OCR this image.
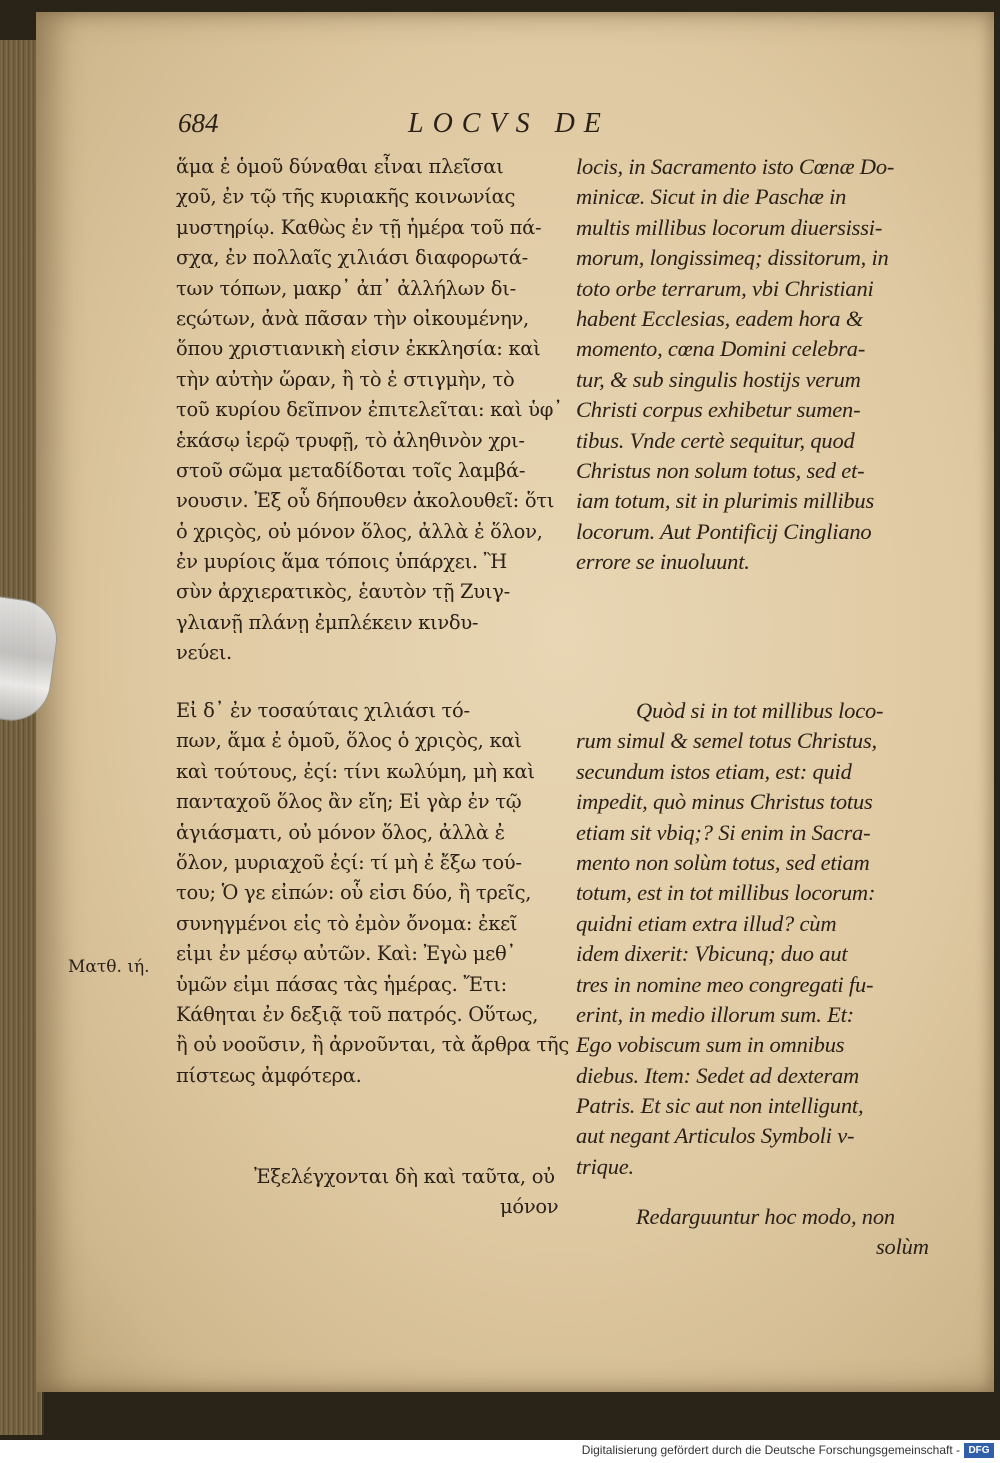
684	LOCVS DE
ἅμα ἐ ὁμοῦ δύναθαι εἶναι πλεῖσαι
χοῦ, ἐν τῷ τῆς κυριακῆς κοινωνίας
μυστηρίῳ. Καθὼς ἐν τῇ ἡμέρα τοῦ πά-
σχα, ἐν πολλαῖς χιλιάσι διαφορωτά-
των τόπων, μακρ᾿ ἀπ᾿ ἀλλήλων δι-
εςώτων, ἀνὰ πᾶσαν τὴν οἰκουμένην,
ὅπου χριστιανικὴ εἰσιν ἐκκλησία: καὶ
τὴν αὐτὴν ὥραν, ἢ τὸ ἐ στιγμὴν, τὸ
τοῦ κυρίου δεῖπνον ἐπιτελεῖται: καὶ ὑφ᾿
ἑκάσῳ ἱερῷ τρυφῇ, τὸ ἀληθινὸν χρι-
στοῦ σῶμα μεταδίδοται τοῖς λαμβά-
νουσιν. Ἐξ οὗ δήπουθεν ἀκολουθεῖ: ὅτι
ὁ χριςὸς, οὐ μόνον ὅλος, ἀλλὰ ἐ ὅλον,
ἐν μυρίοις ἅμα τόποις ὑπάρχει. Ἢ
σὺν ἀρχιερατικὸς, ἑαυτὸν τῇ Ζυιγ-
γλιανῇ πλάνῃ ἐμπλέκειν κινδυ-
νεύει.
Εἰ δ᾿ ἐν τοσαύταις χιλιάσι τό-
πων, ἅμα ἐ ὁμοῦ, ὅλος ὁ χριςὸς, καὶ
καὶ τούτους, ἐςί: τίνι κωλύμη, μὴ καὶ
πανταχοῦ ὅλος ἂν εἴη; Εἰ γὰρ ἐν τῷ
ἁγιάσματι, οὐ μόνον ὅλος, ἀλλὰ ἐ
ὅλον, μυριαχοῦ ἐςί: τί μὴ ἐ ἔξω τού-
του; Ὁ γε εἰπών: οὗ εἰσι δύο, ἢ τρεῖς,
συνηγμένοι εἰς τὸ ἐμὸν ὄνομα: ἐκεῖ
εἰμι ἐν μέσῳ αὐτῶν. Καὶ: Ἐγὼ μεθ᾿
ὑμῶν εἰμι πάσας τὰς ἡμέρας. Ἔτι:
Κάθηται ἐν δεξιᾷ τοῦ πατρός. Οὕτως,
ἢ οὐ νοοῦσιν, ἢ ἀρνοῦνται, τὰ ἄρθρα τῆς
πίστεως ἀμφότερα.
Ἐξελέγχονται δὴ καὶ ταῦτα, οὐ
μόνον
locis, in Sacramento isto Cœnæ Do-
minicæ. Sicut in die Paschæ in
multis millibus locorum diuersissi-
morum, longissimeq; dissitorum, in
toto orbe terrarum, vbi Christiani
habent Ecclesias, eadem hora &
momento, cœna Domini celebra-
tur, & sub singulis hostijs verum
Christi corpus exhibetur sumen-
tibus. Vnde certè sequitur, quod
Christus non solum totus, sed et-
iam totum, sit in plurimis millibus
locorum. Aut Pontificij Cingliano
errore se inuoluunt.
Quòd si in tot millibus loco-
rum simul & semel totus Christus,
secundum istos etiam, est: quid
impedit, quò minus Christus totus
etiam sit vbiq;? Si enim in Sacra-
mento non solùm totus, sed etiam
totum, est in tot millibus locorum:
quidni etiam extra illud? cùm
idem dixerit: Vbicunq; duo aut
tres in nomine meo congregati fu-
erint, in medio illorum sum. Et:
Ego vobiscum sum in omnibus
diebus. Item: Sedet ad dexteram
Patris. Et sic aut non intelligunt,
aut negant Articulos Symboli v-
trique.
Redarguuntur hoc modo, non
solùm
Ματθ. ιή.
Digitalisierung gefördert durch die Deutsche Forschungsgemeinschaft - DFG
